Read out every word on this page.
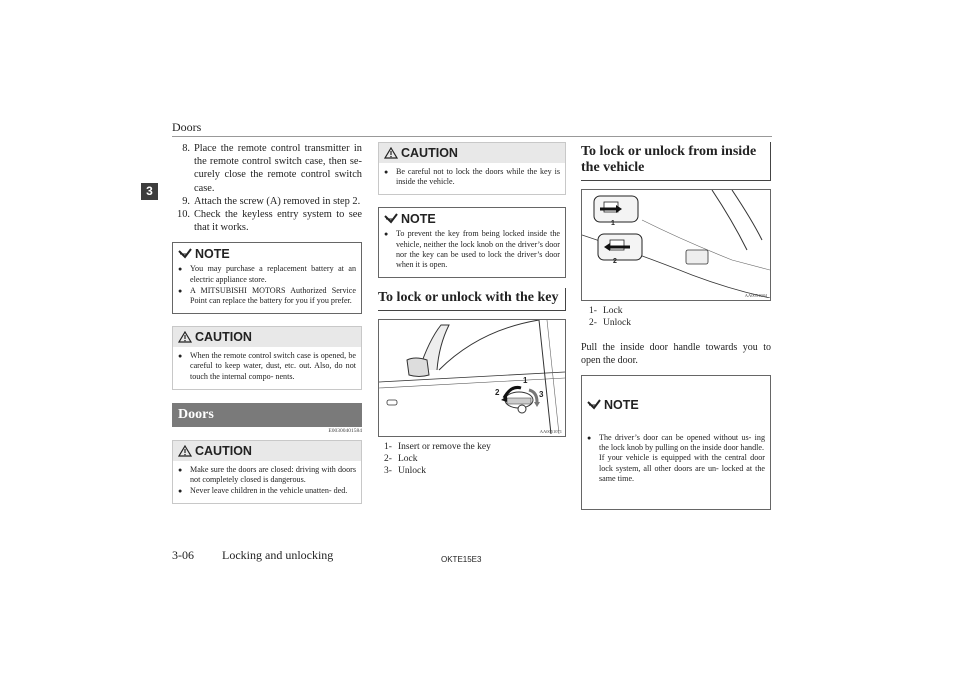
Doors
3
8. Place the remote control transmitter in the remote control switch case, then se- curely close the remote control switch case.
9. Attach the screw (A) removed in step 2.
10. Check the keyless entry system to see that it works.
NOTE
● You may purchase a replacement battery at an electric appliance store.
● A MITSUBISHI MOTORS Authorized Service Point can replace the battery for you if you prefer.
CAUTION
● When the remote control switch case is opened, be careful to keep water, dust, etc. out. Also, do not touch the internal compo- nents.
Doors
E00300401584
CAUTION
● Make sure the doors are closed: driving with doors not completely closed is dangerous.
● Never leave children in the vehicle unatten- ded.
CAUTION
● Be careful not to lock the doors while the key is inside the vehicle.
NOTE
● To prevent the key from being locked inside the vehicle, neither the lock knob on the driver’s door nor the key can be used to lock the driver’s door when it is open.
To lock or unlock with the key
1
2	3
AA0051071
1- Insert or remove the key
2- Lock
3- Unlock
To lock or unlock from inside the vehicle
1
2
AA0051084
1- Lock
2- Unlock
Pull the inside door handle towards you to open the door.

NOTE

● The driver’s door can be opened without us- ing the lock knob by pulling on the inside door handle.
If your vehicle is equipped with the central door lock system, all other doors are un- locked at the same time.

3-06 Locking and unlocking	OKTE15E3
